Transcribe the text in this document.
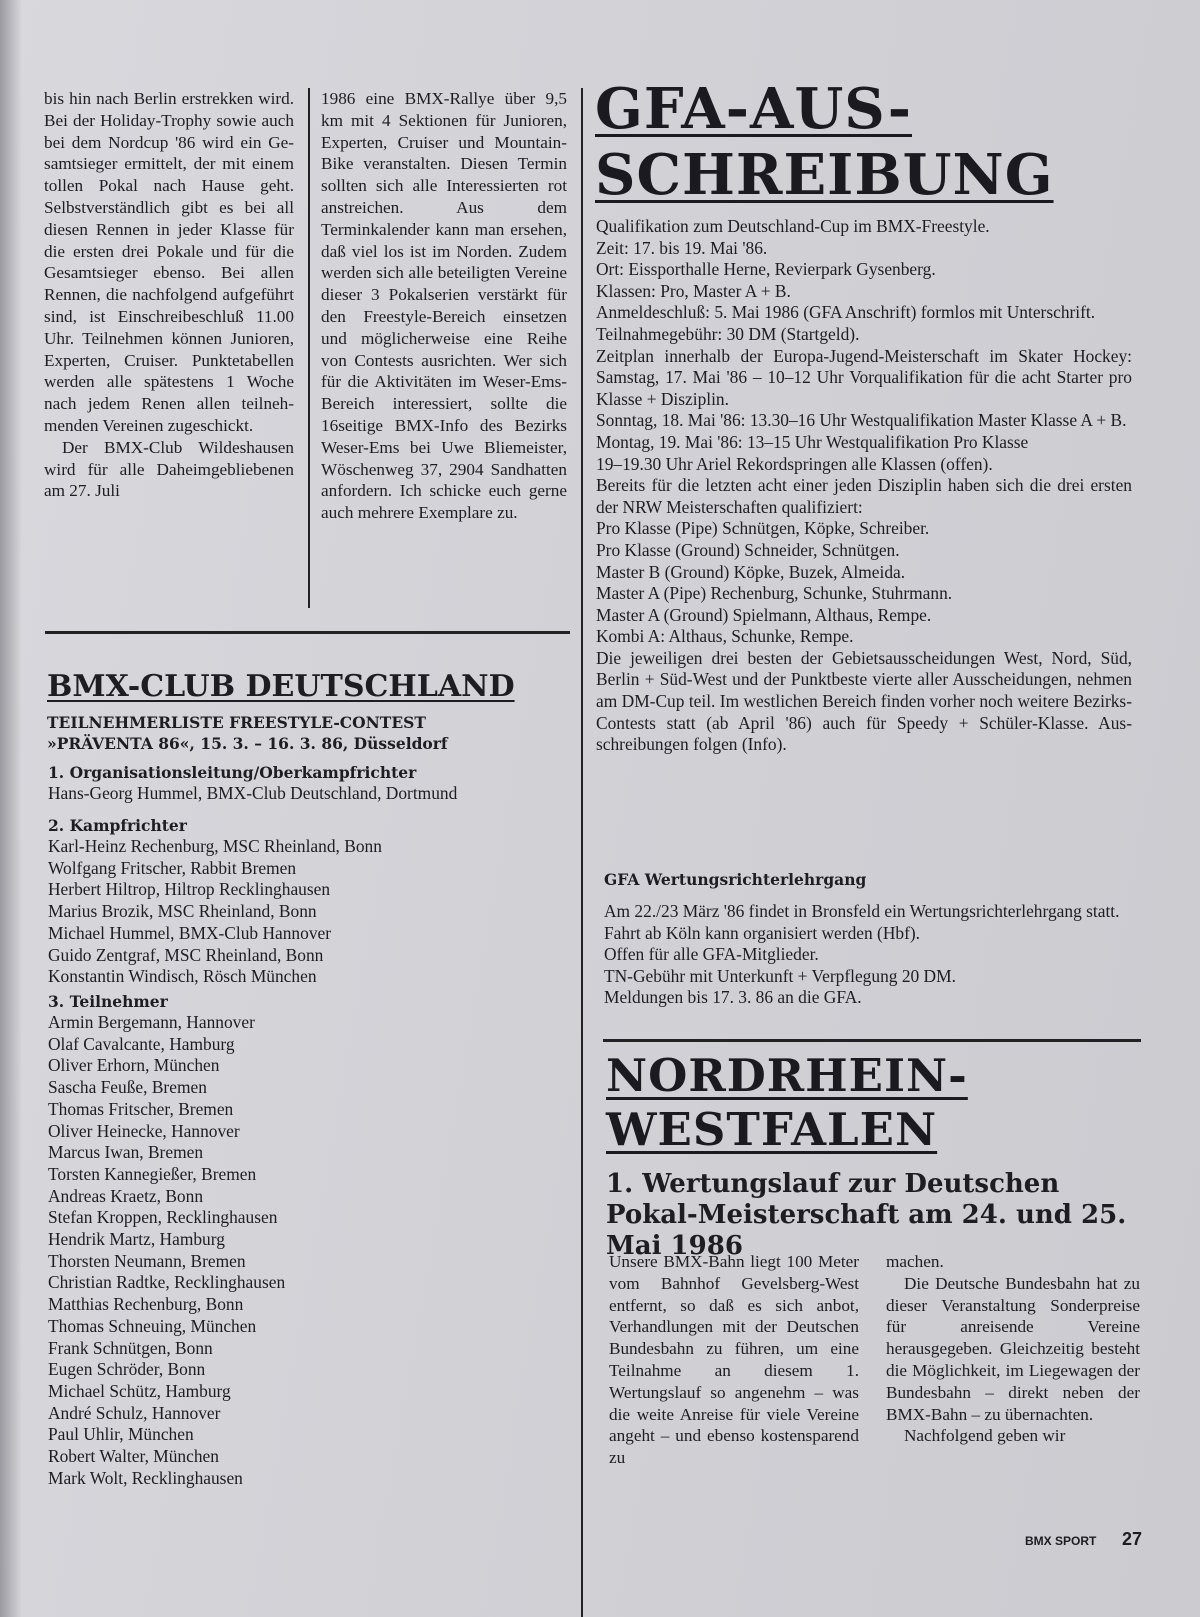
bis hin nach Berlin erstrekken wird. Bei der Holiday-Trophy sowie auch bei dem Nordcup '86 wird ein Gesamtsieger ermittelt, der mit einem tollen Pokal nach Hause geht. Selbstverständlich gibt es bei all diesen Rennen in jeder Klasse für die ersten drei Pokale und für die Gesamtsieger ebenso. Bei allen Rennen, die nachfolgend aufgeführt sind, ist Einschreibeschluß 11.00 Uhr. Teilnehmen können Junioren, Experten, Cruiser. Punktetabellen werden alle spätestens 1 Woche nach jedem Renen allen teilnehmenden Vereinen zugeschickt.

Der BMX-Club Wildeshausen wird für alle Daheimgebliebenen am 27. Juli

1986 eine BMX-Rallye über 9,5 km mit 4 Sektionen für Junioren, Experten, Cruiser und Mountain-Bike veranstalten. Diesen Termin sollten sich alle Interessierten rot anstreichen. Aus dem Terminkalender kann man ersehen, daß viel los ist im Norden. Zudem werden sich alle beteiligten Vereine dieser 3 Pokalserien verstärkt für den Freestyle-Bereich einsetzen und möglicherweise eine Reihe von Contests ausrichten. Wer sich für die Aktivitäten im Weser-Ems-Bereich interessiert, sollte die 16seitige BMX-Info des Bezirks Weser-Ems bei Uwe Bliemeister, Wöschenweg 37, 2904 Sandhatten anfordern. Ich schicke euch gerne auch mehrere Exemplare zu.

BMX-CLUB DEUTSCHLAND
TEILNEHMERLISTE FREESTYLE-CONTEST
»PRÄVENTA 86«, 15. 3. – 16. 3. 86, Düsseldorf

1. Organisationsleitung/Oberkampfrichter

Hans-Georg Hummel, BMX-Club Deutschland, Dortmund

2. Kampfrichter

Karl-Heinz Rechenburg, MSC Rheinland, Bonn

Wolfgang Fritscher, Rabbit Bremen

Herbert Hiltrop, Hiltrop Recklinghausen

Marius Brozik, MSC Rheinland, Bonn

Michael Hummel, BMX-Club Hannover

Guido Zentgraf, MSC Rheinland, Bonn

Konstantin Windisch, Rösch München

3. Teilnehmer

Armin Bergemann, Hannover

Olaf Cavalcante, Hamburg

Oliver Erhorn, München

Sascha Feuße, Bremen

Thomas Fritscher, Bremen

Oliver Heinecke, Hannover

Marcus Iwan, Bremen

Torsten Kannegießer, Bremen

Andreas Kraetz, Bonn

Stefan Kroppen, Recklinghausen

Hendrik Martz, Hamburg

Thorsten Neumann, Bremen

Christian Radtke, Recklinghausen

Matthias Rechenburg, Bonn

Thomas Schneuing, München

Frank Schnütgen, Bonn

Eugen Schröder, Bonn

Michael Schütz, Hamburg

André Schulz, Hannover

Paul Uhlir, München

Robert Walter, München

Mark Wolt, Recklinghausen

GFA-AUS-
SCHREIBUNG

Qualifikation zum Deutschland-Cup im BMX-Freestyle.

Zeit: 17. bis 19. Mai '86.

Ort: Eissporthalle Herne, Revierpark Gysenberg.

Klassen: Pro, Master A + B.

Anmeldeschluß: 5. Mai 1986 (GFA Anschrift) formlos mit Unterschrift.

Teilnahmegebühr: 30 DM (Startgeld).

Zeitplan innerhalb der Europa-Jugend-Meisterschaft im Skater Hockey: Samstag, 17. Mai '86 – 10–12 Uhr Vorqualifikation für die acht Starter pro Klasse + Disziplin.

Sonntag, 18. Mai '86: 13.30–16 Uhr Westqualifikation Master Klasse A + B.

Montag, 19. Mai '86: 13–15 Uhr Westqualifikation Pro Klasse

19–19.30 Uhr Ariel Rekordspringen alle Klassen (offen).

Bereits für die letzten acht einer jeden Disziplin haben sich die drei ersten der NRW Meisterschaften qualifiziert:

Pro Klasse (Pipe) Schnütgen, Köpke, Schreiber.

Pro Klasse (Ground) Schneider, Schnütgen.

Master B (Ground) Köpke, Buzek, Almeida.

Master A (Pipe) Rechenburg, Schunke, Stuhrmann.

Master A (Ground) Spielmann, Althaus, Rempe.

Kombi A: Althaus, Schunke, Rempe.

Die jeweiligen drei besten der Gebietsausscheidungen West, Nord, Süd, Berlin + Süd-West und der Punktbeste vierte aller Ausscheidungen, nehmen am DM-Cup teil. Im westlichen Bereich finden vorher noch weitere Bezirks-Contests statt (ab April '86) auch für Speedy + Schüler-Klasse. Ausschreibungen folgen (Info).

GFA Wertungsrichterlehrgang

Am 22./23 März '86 findet in Bronsfeld ein Wertungsrichterlehrgang statt.

Fahrt ab Köln kann organisiert werden (Hbf).

Offen für alle GFA-Mitglieder.

TN-Gebühr mit Unterkunft + Verpflegung 20 DM.

Meldungen bis 17. 3. 86 an die GFA.

NORDRHEIN-
WESTFALEN
1. Wertungslauf zur Deutschen Pokal-Meisterschaft am 24. und 25. Mai 1986

Unsere BMX-Bahn liegt 100 Meter vom Bahnhof Gevelsberg-West entfernt, so daß es sich anbot, Verhandlungen mit der Deutschen Bundesbahn zu führen, um eine Teilnahme an diesem 1. Wertungslauf so angenehm – was die weite Anreise für viele Vereine angeht – und ebenso kostensparend zu

machen.

Die Deutsche Bundesbahn hat zu dieser Veranstaltung Sonderpreise für anreisende Vereine herausgegeben. Gleichzeitig besteht die Möglichkeit, im Liegewagen der Bundesbahn – direkt neben der BMX-Bahn – zu übernachten.

Nachfolgend geben wir

BMX SPORT 27
